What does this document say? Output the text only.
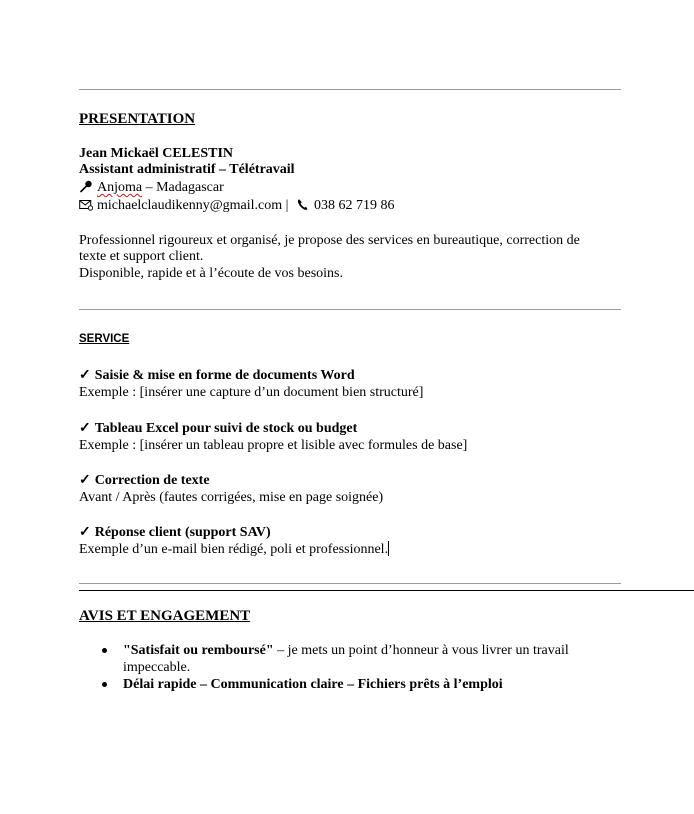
PRESENTATION
Jean Mickaël CELESTIN
Assistant administratif – Télétravail
Anjoma – Madagascar
michaelclaudikenny@gmail.com |
038 62 719 86
Professionnel rigoureux et organisé, je propose des services en bureautique, correction de
texte et support client.
Disponible, rapide et à l’écoute de vos besoins.
SERVICE
✓ Saisie & mise en forme de documents Word
Exemple : [insérer une capture d’un document bien structuré]
✓ Tableau Excel pour suivi de stock ou budget
Exemple : [insérer un tableau propre et lisible avec formules de base]
✓ Correction de texte
Avant / Après (fautes corrigées, mise en page soignée)
✓ Réponse client (support SAV)
Exemple d’un e-mail bien rédigé, poli et professionnel.
AVIS ET ENGAGEMENT
"Satisfait ou remboursé" – je mets un point d’honneur à vous livrer un travail impeccable.
Délai rapide – Communication claire – Fichiers prêts à l’emploi
